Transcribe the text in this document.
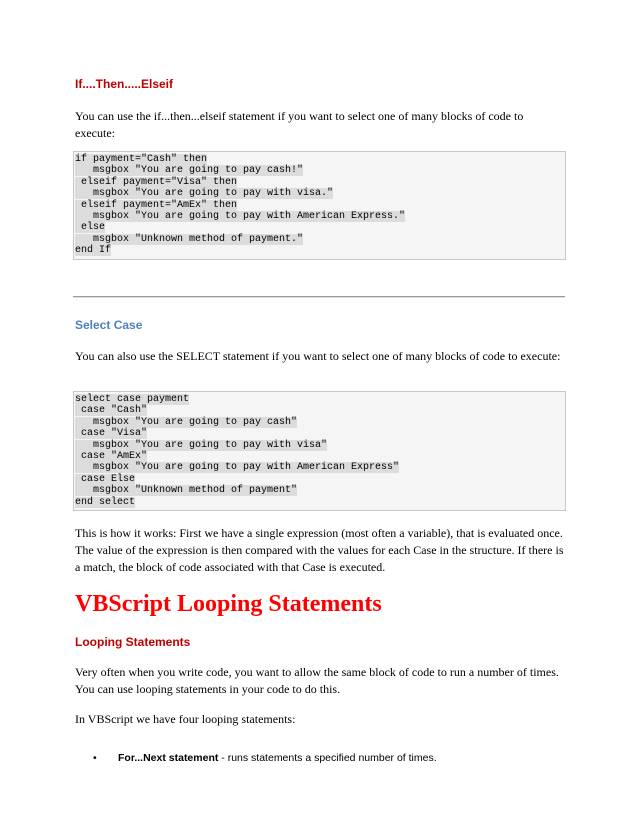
If....Then.....Elseif

You can use the if...then...elseif statement if you want to select one of many blocks of code to execute:

if payment="Cash" then
msgbox "You are going to pay cash!"
elseif payment="Visa" then
msgbox "You are going to pay with visa."
elseif payment="AmEx" then
msgbox "You are going to pay with American Express."
else
msgbox "Unknown method of payment."
end If
Select Case

You can also use the SELECT statement if you want to select one of many blocks of code to execute:

select case payment
case "Cash"
msgbox "You are going to pay cash"
case "Visa"
msgbox "You are going to pay with visa"
case "AmEx"
msgbox "You are going to pay with American Express"
case Else
msgbox "Unknown method of payment"
end select

This is how it works: First we have a single expression (most often a variable), that is evaluated once. The value of the expression is then compared with the values for each Case in the structure. If there is a match, the block of code associated with that Case is executed.

VBScript Looping Statements
Looping Statements

Very often when you write code, you want to allow the same block of code to run a number of times. You can use looping statements in your code to do this.

In VBScript we have four looping statements:

• For...Next statement - runs statements a specified number of times.
